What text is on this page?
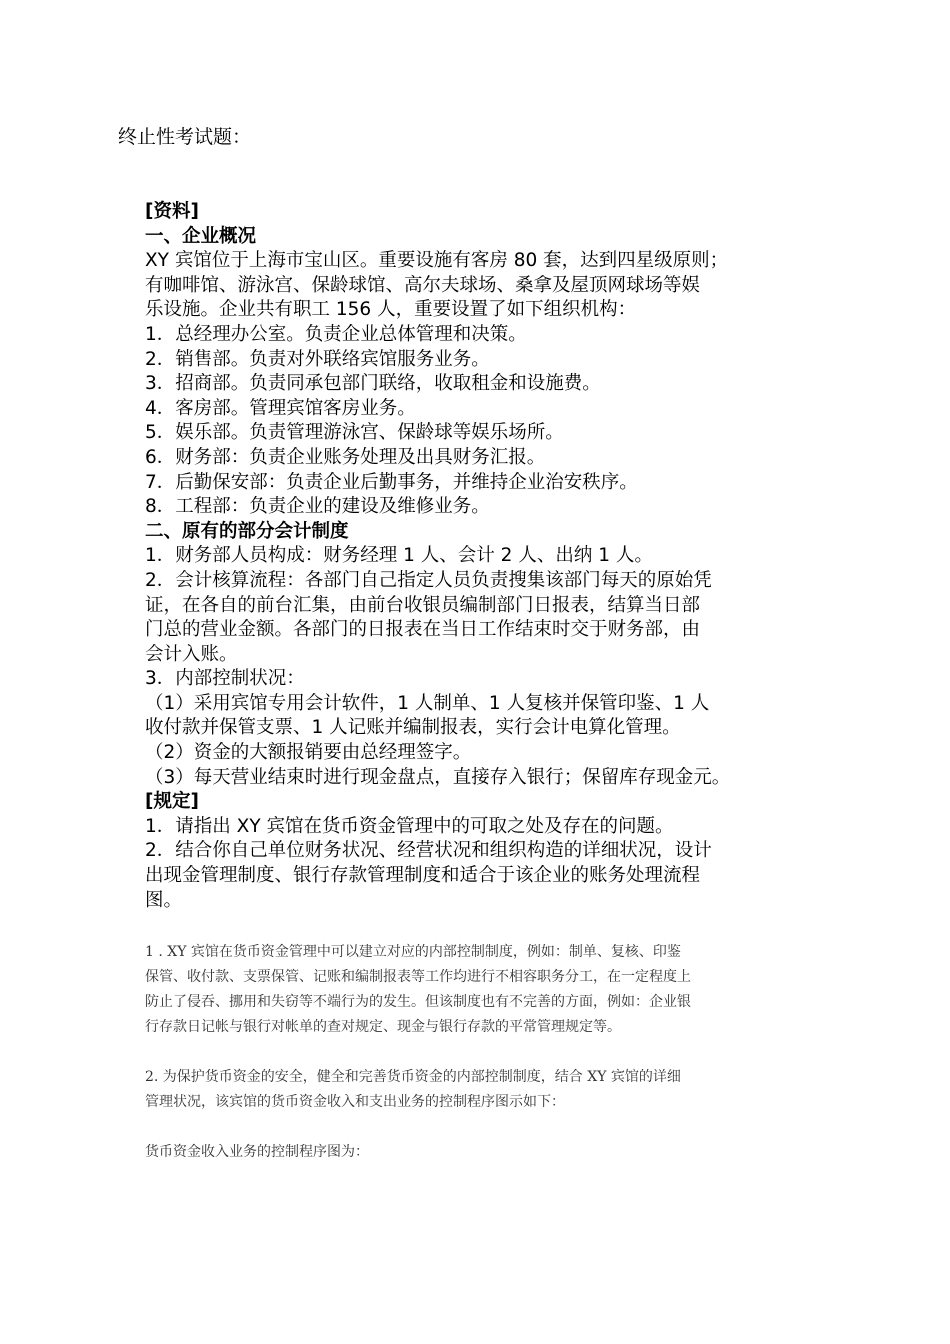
终止性考试题：
[资料]
一、企业概况
XY 宾馆位于上海市宝山区。重要设施有客房 80 套，达到四星级原则；
有咖啡馆、游泳宫、保龄球馆、高尔夫球场、桑拿及屋顶网球场等娱
乐设施。企业共有职工 156 人，重要设置了如下组织机构：
1．总经理办公室。负责企业总体管理和决策。
2．销售部。负责对外联络宾馆服务业务。
3．招商部。负责同承包部门联络，收取租金和设施费。
4．客房部。管理宾馆客房业务。
5．娱乐部。负责管理游泳宫、保龄球等娱乐场所。
6．财务部：负责企业账务处理及出具财务汇报。
7．后勤保安部：负责企业后勤事务，并维持企业治安秩序。
8．工程部：负责企业的建设及维修业务。
二、原有的部分会计制度
1．财务部人员构成：财务经理 1 人、会计 2 人、出纳 1 人。
2．会计核算流程：各部门自己指定人员负责搜集该部门每天的原始凭
证，在各自的前台汇集，由前台收银员编制部门日报表，结算当日部
门总的营业金额。各部门的日报表在当日工作结束时交于财务部，由
会计入账。
3．内部控制状况：
（1）采用宾馆专用会计软件，1 人制单、1 人复核并保管印鉴、1 人
收付款并保管支票、1 人记账并编制报表，实行会计电算化管理。
（2）资金的大额报销要由总经理签字。
（3）每天营业结束时进行现金盘点，直接存入银行；保留库存现金元。
[规定]
1．请指出 XY 宾馆在货币资金管理中的可取之处及存在的问题。
2．结合你自己单位财务状况、经营状况和组织构造的详细状况，设计
出现金管理制度、银行存款管理制度和适合于该企业的账务处理流程
图。
1 . XY 宾馆在货币资金管理中可以建立对应的内部控制制度，例如：制单、复核、印鉴
保管、收付款、支票保管、记账和编制报表等工作均进行不相容职务分工，在一定程度上
防止了侵吞、挪用和失窃等不端行为的发生。但该制度也有不完善的方面，例如：企业银
行存款日记帐与银行对帐单的查对规定、现金与银行存款的平常管理规定等。
2. 为保护货币资金的安全，健全和完善货币资金的内部控制制度，结合 XY 宾馆的详细
管理状况，该宾馆的货币资金收入和支出业务的控制程序图示如下：
货币资金收入业务的控制程序图为：
